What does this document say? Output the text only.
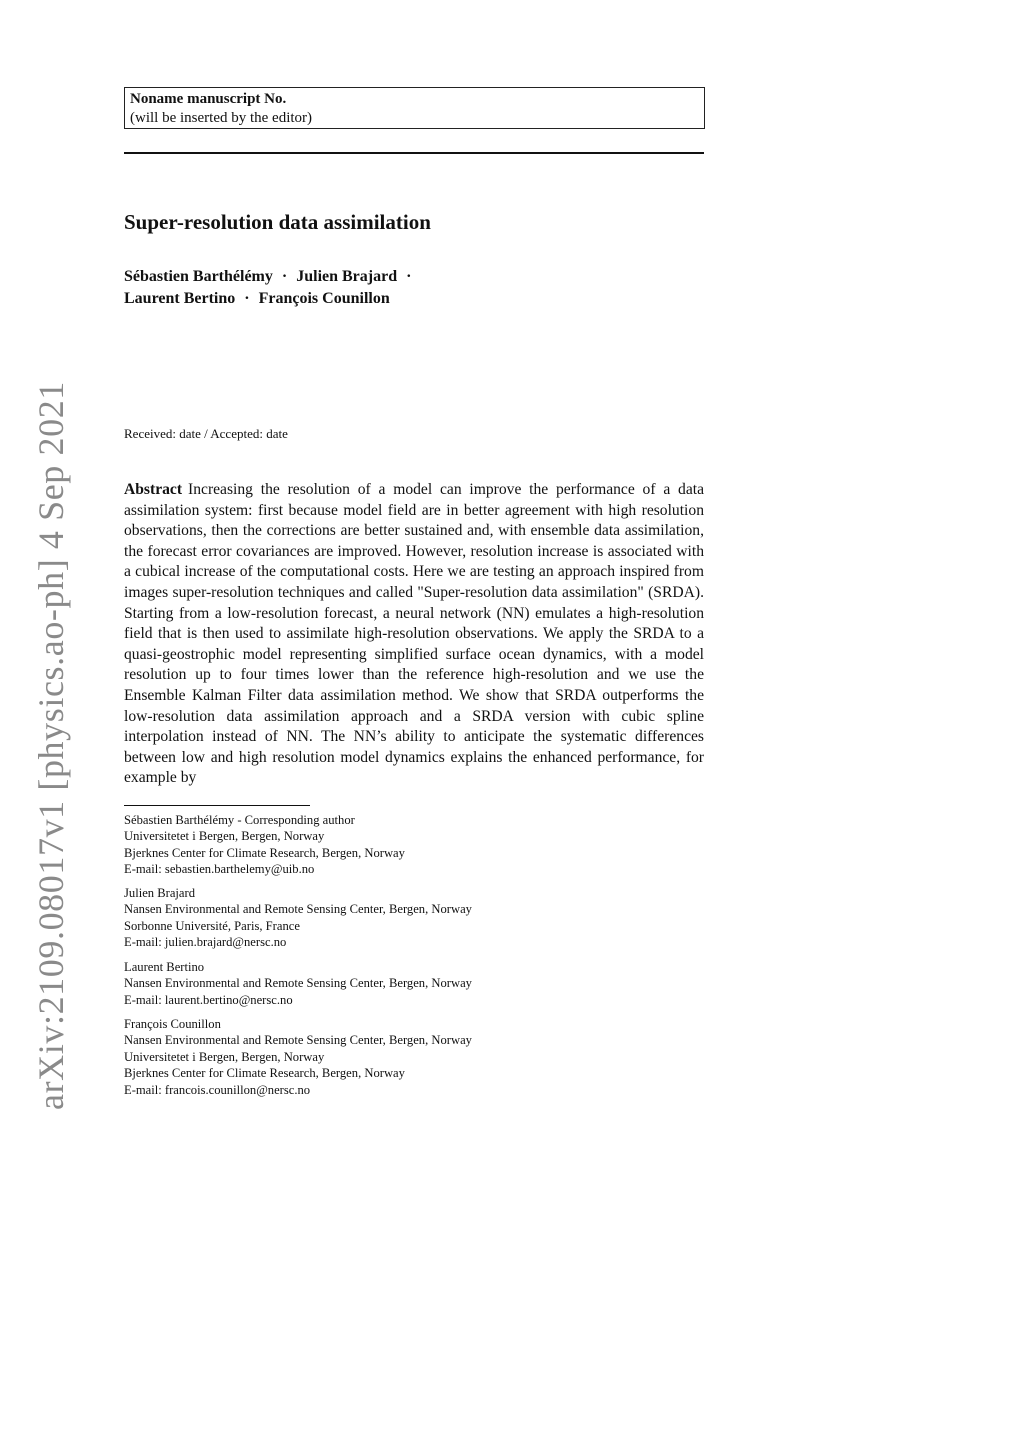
arXiv:2109.08017v1 [physics.ao-ph] 4 Sep 2021
Noname manuscript No.
(will be inserted by the editor)
Super-resolution data assimilation
Sébastien Barthélémy · Julien Brajard ·
Laurent Bertino · François Counillon
Received: date / Accepted: date

Abstract Increasing the resolution of a model can improve the performance of a data assimilation system: first because model field are in better agreement with high resolution observations, then the corrections are better sustained and, with ensemble data assimilation, the forecast error covariances are improved. However, resolution increase is associated with a cubical increase of the computational costs. Here we are testing an approach inspired from images super-resolution techniques and called "Super-resolution data assimilation" (SRDA). Starting from a low-resolution forecast, a neural network (NN) emulates a high-resolution field that is then used to assimilate high-resolution observations. We apply the SRDA to a quasi-geostrophic model representing simplified surface ocean dynamics, with a model resolution up to four times lower than the reference high-resolution and we use the Ensemble Kalman Filter data assimilation method. We show that SRDA outperforms the low-resolution data assimilation approach and a SRDA version with cubic spline interpolation instead of NN. The NN’s ability to anticipate the systematic differences between low and high resolution model dynamics explains the enhanced performance, for example by

Sébastien Barthélémy - Corresponding author
Universitetet i Bergen, Bergen, Norway
Bjerknes Center for Climate Research, Bergen, Norway
E-mail: sebastien.barthelemy@uib.no
Julien Brajard
Nansen Environmental and Remote Sensing Center, Bergen, Norway
Sorbonne Université, Paris, France
E-mail: julien.brajard@nersc.no
Laurent Bertino
Nansen Environmental and Remote Sensing Center, Bergen, Norway
E-mail: laurent.bertino@nersc.no
François Counillon
Nansen Environmental and Remote Sensing Center, Bergen, Norway
Universitetet i Bergen, Bergen, Norway
Bjerknes Center for Climate Research, Bergen, Norway
E-mail: francois.counillon@nersc.no
